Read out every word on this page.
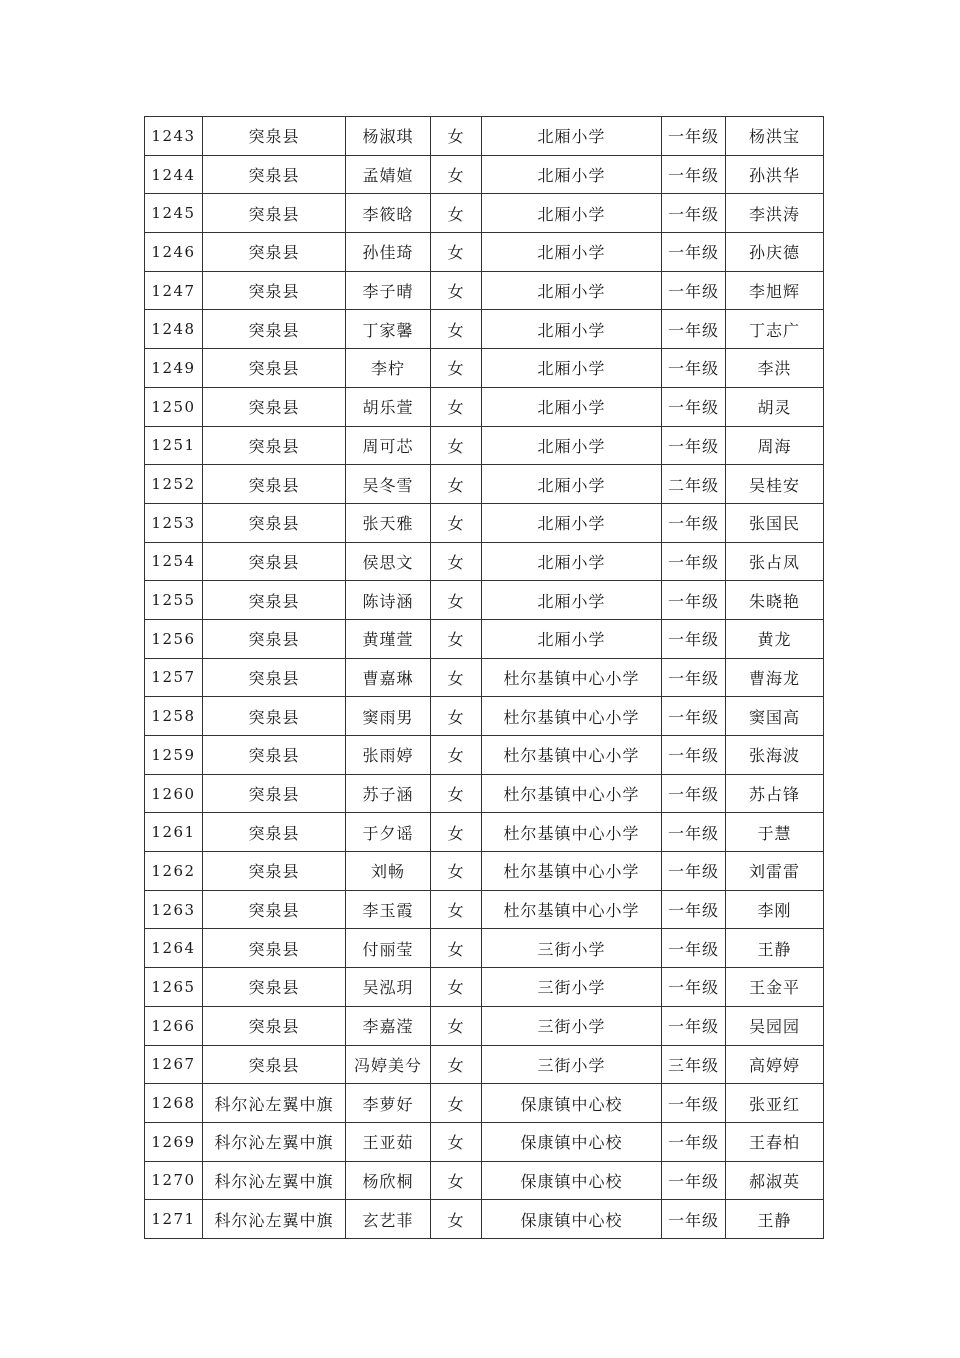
1243	突泉县	杨淑琪	女	北厢小学	一年级	杨洪宝
1244	突泉县	孟婧媗	女	北厢小学	一年级	孙洪华
1245	突泉县	李筱晗	女	北厢小学	一年级	李洪涛
1246	突泉县	孙佳琦	女	北厢小学	一年级	孙庆德
1247	突泉县	李子晴	女	北厢小学	一年级	李旭辉
1248	突泉县	丁家馨	女	北厢小学	一年级	丁志广
1249	突泉县	李柠	女	北厢小学	一年级	李洪
1250	突泉县	胡乐萱	女	北厢小学	一年级	胡灵
1251	突泉县	周可芯	女	北厢小学	一年级	周海
1252	突泉县	吴冬雪	女	北厢小学	二年级	吴桂安
1253	突泉县	张天雅	女	北厢小学	一年级	张国民
1254	突泉县	侯思文	女	北厢小学	一年级	张占凤
1255	突泉县	陈诗涵	女	北厢小学	一年级	朱晓艳
1256	突泉县	黄瑾萱	女	北厢小学	一年级	黄龙
1257	突泉县	曹嘉琳	女	杜尔基镇中心小学	一年级	曹海龙
1258	突泉县	窦雨男	女	杜尔基镇中心小学	一年级	窦国高
1259	突泉县	张雨婷	女	杜尔基镇中心小学	一年级	张海波
1260	突泉县	苏子涵	女	杜尔基镇中心小学	一年级	苏占锋
1261	突泉县	于夕谣	女	杜尔基镇中心小学	一年级	于慧
1262	突泉县	刘畅	女	杜尔基镇中心小学	一年级	刘雷雷
1263	突泉县	李玉霞	女	杜尔基镇中心小学	一年级	李刚
1264	突泉县	付丽莹	女	三街小学	一年级	王静
1265	突泉县	吴泓玥	女	三街小学	一年级	王金平
1266	突泉县	李嘉滢	女	三街小学	一年级	吴园园
1267	突泉县	冯婷美兮	女	三街小学	三年级	高婷婷
1268	科尔沁左翼中旗	李萝好	女	保康镇中心校	一年级	张亚红
1269	科尔沁左翼中旗	王亚茹	女	保康镇中心校	一年级	王春柏
1270	科尔沁左翼中旗	杨欣桐	女	保康镇中心校	一年级	郝淑英
1271	科尔沁左翼中旗	玄艺菲	女	保康镇中心校	一年级	王静
